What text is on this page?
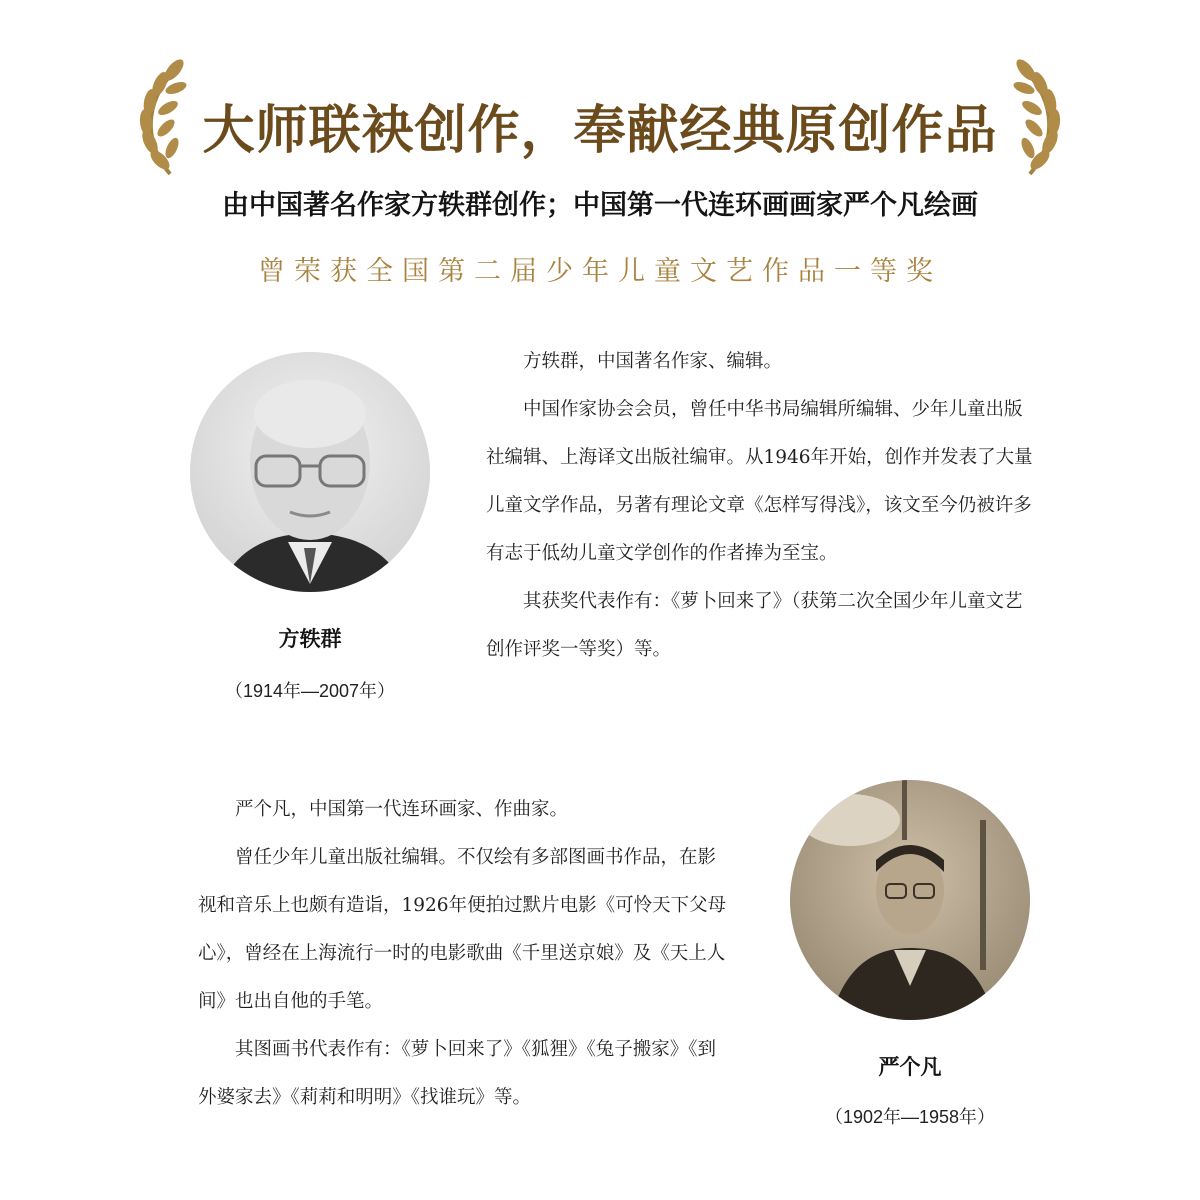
大师联袂创作，奉献经典原创作品
由中国著名作家方轶群创作；中国第一代连环画画家严个凡绘画
曾荣获全国第二届少年儿童文艺作品一等奖
方轶群
（1914年—2007年）

方轶群，中国著名作家、编辑。

中国作家协会会员，曾任中华书局编辑所编辑、少年儿童出版社编辑、上海译文出版社编审。从1946年开始，创作并发表了大量儿童文学作品，另著有理论文章《怎样写得浅》，该文至今仍被许多有志于低幼儿童文学创作的作者捧为至宝。

其获奖代表作有：《萝卜回来了》（获第二次全国少年儿童文艺创作评奖一等奖）等。

严个凡
（1902年—1958年）

严个凡，中国第一代连环画家、作曲家。

曾任少年儿童出版社编辑。不仅绘有多部图画书作品，在影视和音乐上也颇有造诣，1926年便拍过默片电影《可怜天下父母心》，曾经在上海流行一时的电影歌曲《千里送京娘》及《天上人间》也出自他的手笔。

其图画书代表作有：《萝卜回来了》《狐狸》《兔子搬家》《到外婆家去》《莉莉和明明》《找谁玩》等。
